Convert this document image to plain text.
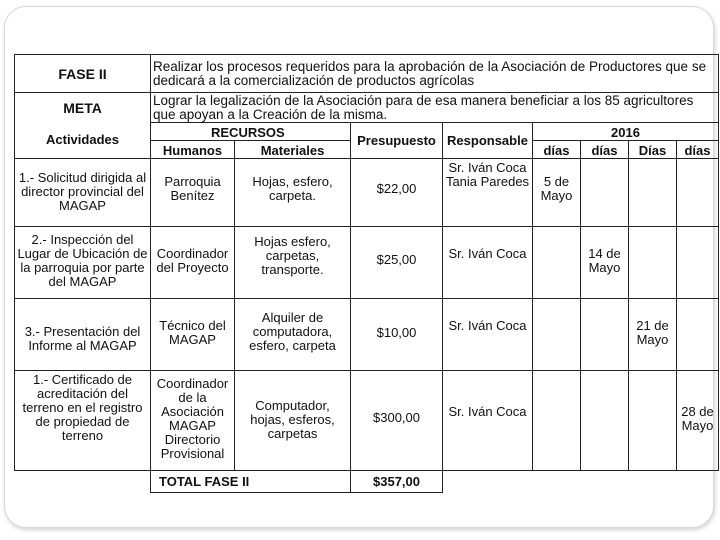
FASE II	Realizar los procesos requeridos para la aprobación de la Asociación de Productores que se dedicará a la comercialización de productos agrícolas							
META	Lograr la legalización de la Asociación para de esa manera beneficiar a los 85 agricultores que apoyan a la Creación de la misma.							
Actividades	RECURSOS		Presupuesto	Responsable	2016			
	Humanos	Materiales			días	días	Días	días
1.- Solicitud dirigida al director provincial del MAGAP	Parroquia Benítez	Hojas, esfero, carpeta.	$22,00	Sr. Iván Coca Tania Paredes	5 de Mayo			
2.- Inspección del Lugar de Ubicación de la parroquia por parte del MAGAP	Coordinador del Proyecto	Hojas esfero, carpetas, transporte.	$25,00	Sr. Iván Coca		14 de Mayo		
3.- Presentación del Informe al MAGAP	Técnico del MAGAP	Alquiler de computadora, esfero, carpeta	$10,00	Sr. Iván Coca			21 de Mayo	
1.- Certificado de acreditación del terreno en el registro de propiedad de terreno	Coordinador de la Asociación MAGAP Directorio Provisional	Computador, hojas, esferos, carpetas	$300,00	Sr. Iván Coca				28 de Mayo
	TOTAL FASE II		$357,00					
